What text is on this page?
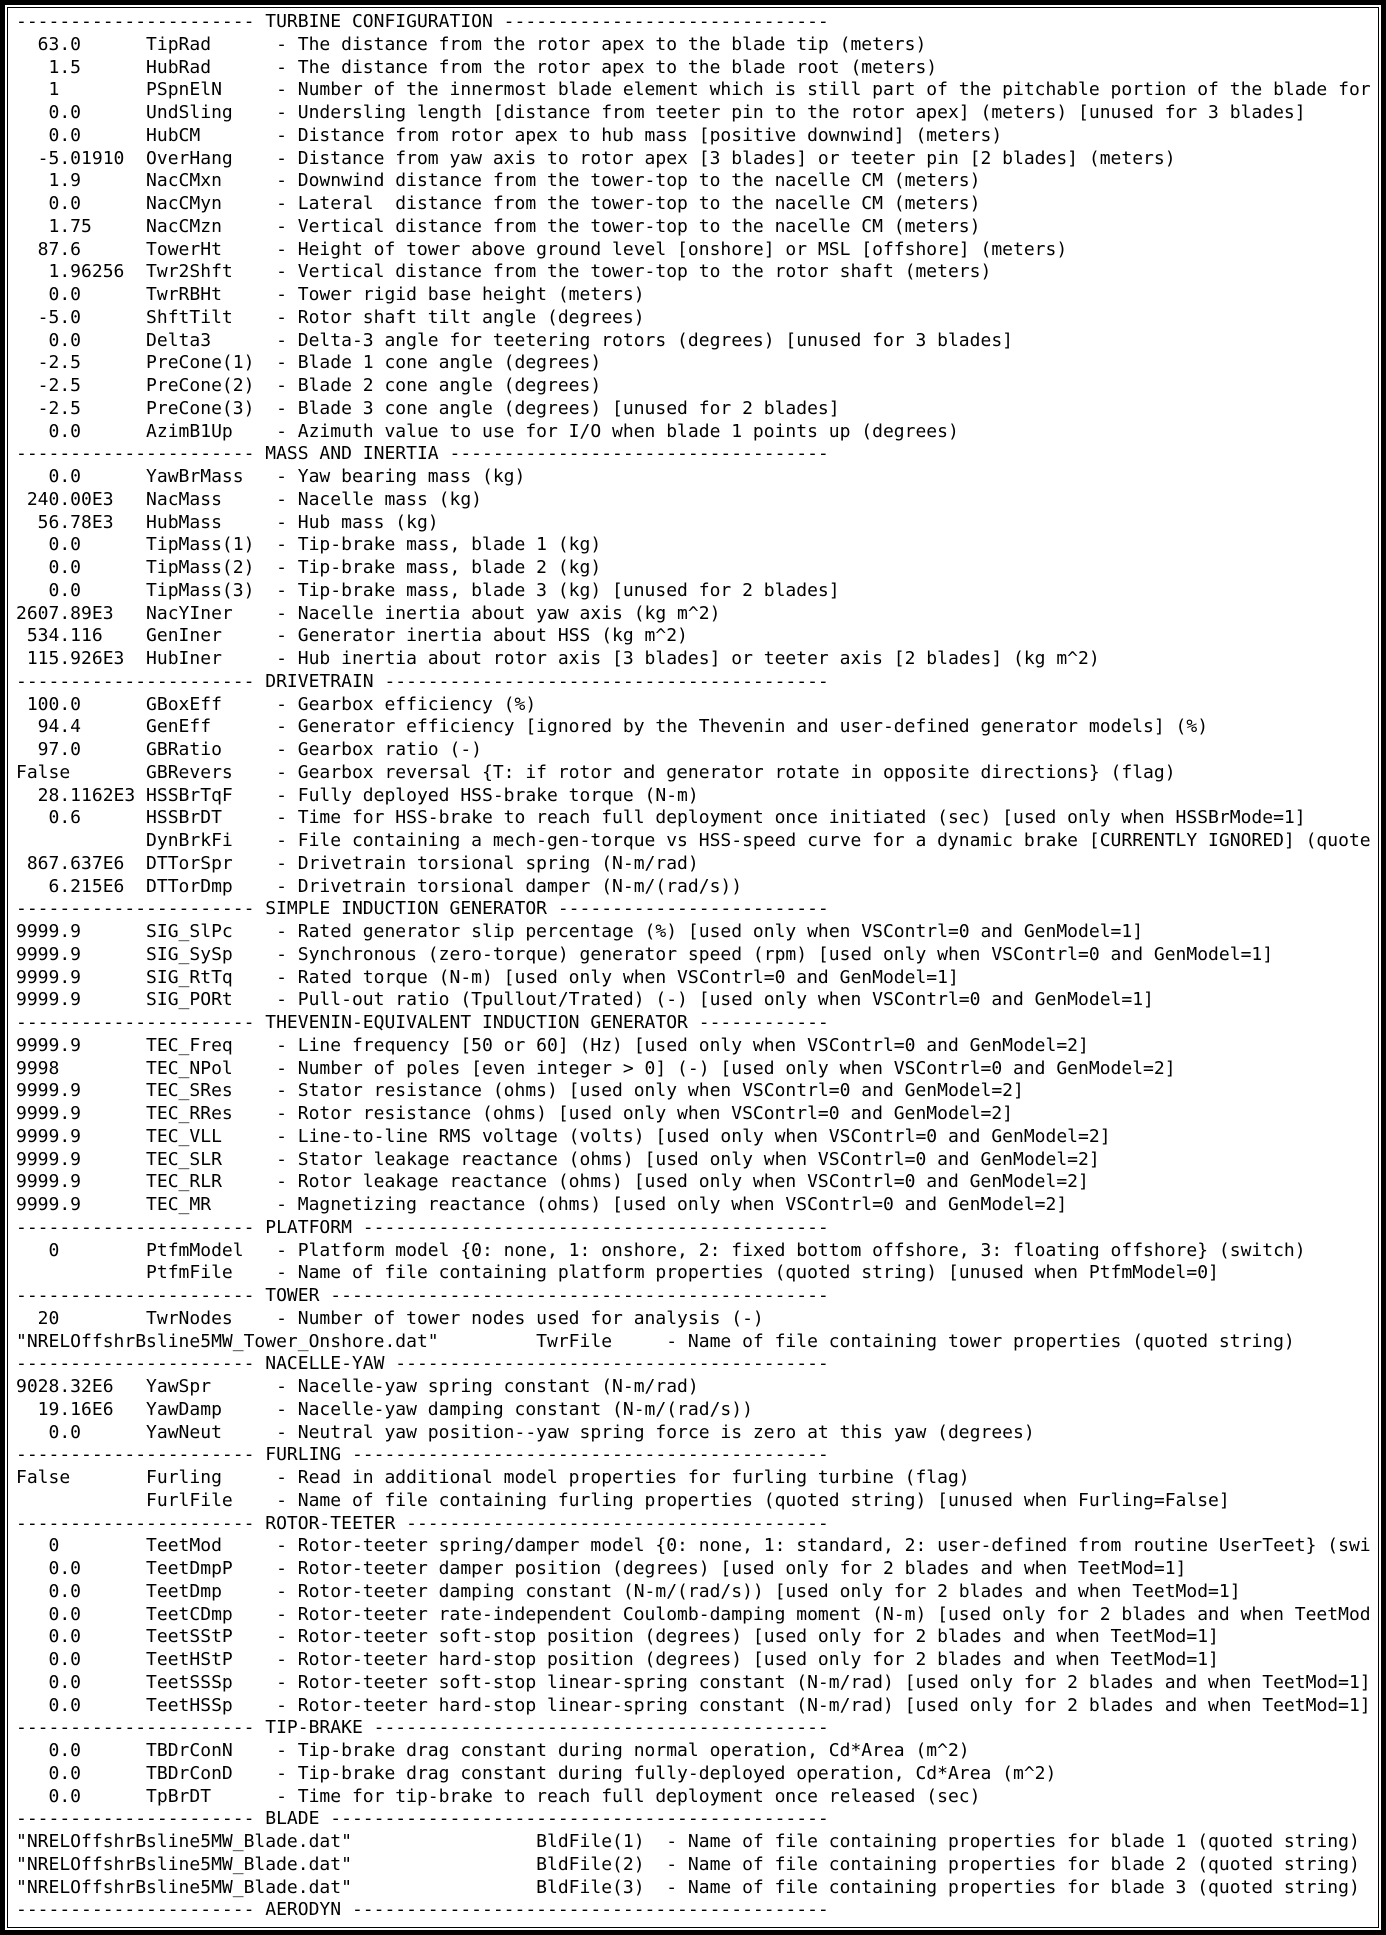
---------------------- TURBINE CONFIGURATION ------------------------------
63.0      TipRad      - The distance from the rotor apex to the blade tip (meters)
1.5      HubRad      - The distance from the rotor apex to the blade root (meters)
1        PSpnElN     - Number of the innermost blade element which is still part of the pitchable portion of the blade for
0.0      UndSling    - Undersling length [distance from teeter pin to the rotor apex] (meters) [unused for 3 blades]
0.0      HubCM       - Distance from rotor apex to hub mass [positive downwind] (meters)
-5.01910  OverHang    - Distance from yaw axis to rotor apex [3 blades] or teeter pin [2 blades] (meters)
1.9      NacCMxn     - Downwind distance from the tower-top to the nacelle CM (meters)
0.0      NacCMyn     - Lateral  distance from the tower-top to the nacelle CM (meters)
1.75     NacCMzn     - Vertical distance from the tower-top to the nacelle CM (meters)
87.6      TowerHt     - Height of tower above ground level [onshore] or MSL [offshore] (meters)
1.96256  Twr2Shft    - Vertical distance from the tower-top to the rotor shaft (meters)
0.0      TwrRBHt     - Tower rigid base height (meters)
-5.0      ShftTilt    - Rotor shaft tilt angle (degrees)
0.0      Delta3      - Delta-3 angle for teetering rotors (degrees) [unused for 3 blades]
-2.5      PreCone(1)  - Blade 1 cone angle (degrees)
-2.5      PreCone(2)  - Blade 2 cone angle (degrees)
-2.5      PreCone(3)  - Blade 3 cone angle (degrees) [unused for 2 blades]
0.0      AzimB1Up    - Azimuth value to use for I/O when blade 1 points up (degrees)
---------------------- MASS AND INERTIA -----------------------------------
0.0      YawBrMass   - Yaw bearing mass (kg)
240.00E3   NacMass     - Nacelle mass (kg)
56.78E3   HubMass     - Hub mass (kg)
0.0      TipMass(1)  - Tip-brake mass, blade 1 (kg)
0.0      TipMass(2)  - Tip-brake mass, blade 2 (kg)
0.0      TipMass(3)  - Tip-brake mass, blade 3 (kg) [unused for 2 blades]
2607.89E3   NacYIner    - Nacelle inertia about yaw axis (kg m^2)
534.116    GenIner     - Generator inertia about HSS (kg m^2)
115.926E3  HubIner     - Hub inertia about rotor axis [3 blades] or teeter axis [2 blades] (kg m^2)
---------------------- DRIVETRAIN -----------------------------------------
100.0      GBoxEff     - Gearbox efficiency (%)
94.4      GenEff      - Generator efficiency [ignored by the Thevenin and user-defined generator models] (%)
97.0      GBRatio     - Gearbox ratio (-)
False       GBRevers    - Gearbox reversal {T: if rotor and generator rotate in opposite directions} (flag)
28.1162E3 HSSBrTqF    - Fully deployed HSS-brake torque (N-m)
0.6      HSSBrDT     - Time for HSS-brake to reach full deployment once initiated (sec) [used only when HSSBrMode=1]
DynBrkFi    - File containing a mech-gen-torque vs HSS-speed curve for a dynamic brake [CURRENTLY IGNORED] (quote
867.637E6  DTTorSpr    - Drivetrain torsional spring (N-m/rad)
6.215E6  DTTorDmp    - Drivetrain torsional damper (N-m/(rad/s))
---------------------- SIMPLE INDUCTION GENERATOR -------------------------
9999.9      SIG_SlPc    - Rated generator slip percentage (%) [used only when VSContrl=0 and GenModel=1]
9999.9      SIG_SySp    - Synchronous (zero-torque) generator speed (rpm) [used only when VSContrl=0 and GenModel=1]
9999.9      SIG_RtTq    - Rated torque (N-m) [used only when VSContrl=0 and GenModel=1]
9999.9      SIG_PORt    - Pull-out ratio (Tpullout/Trated) (-) [used only when VSContrl=0 and GenModel=1]
---------------------- THEVENIN-EQUIVALENT INDUCTION GENERATOR ------------
9999.9      TEC_Freq    - Line frequency [50 or 60] (Hz) [used only when VSContrl=0 and GenModel=2]
9998        TEC_NPol    - Number of poles [even integer > 0] (-) [used only when VSContrl=0 and GenModel=2]
9999.9      TEC_SRes    - Stator resistance (ohms) [used only when VSContrl=0 and GenModel=2]
9999.9      TEC_RRes    - Rotor resistance (ohms) [used only when VSContrl=0 and GenModel=2]
9999.9      TEC_VLL     - Line-to-line RMS voltage (volts) [used only when VSContrl=0 and GenModel=2]
9999.9      TEC_SLR     - Stator leakage reactance (ohms) [used only when VSContrl=0 and GenModel=2]
9999.9      TEC_RLR     - Rotor leakage reactance (ohms) [used only when VSContrl=0 and GenModel=2]
9999.9      TEC_MR      - Magnetizing reactance (ohms) [used only when VSContrl=0 and GenModel=2]
---------------------- PLATFORM -------------------------------------------
0        PtfmModel   - Platform model {0: none, 1: onshore, 2: fixed bottom offshore, 3: floating offshore} (switch)
PtfmFile    - Name of file containing platform properties (quoted string) [unused when PtfmModel=0]
---------------------- TOWER ----------------------------------------------
20        TwrNodes    - Number of tower nodes used for analysis (-)
"NRELOffshrBsline5MW_Tower_Onshore.dat"         TwrFile     - Name of file containing tower properties (quoted string)
---------------------- NACELLE-YAW ----------------------------------------
9028.32E6   YawSpr      - Nacelle-yaw spring constant (N-m/rad)
19.16E6   YawDamp     - Nacelle-yaw damping constant (N-m/(rad/s))
0.0      YawNeut     - Neutral yaw position--yaw spring force is zero at this yaw (degrees)
---------------------- FURLING --------------------------------------------
False       Furling     - Read in additional model properties for furling turbine (flag)
FurlFile    - Name of file containing furling properties (quoted string) [unused when Furling=False]
---------------------- ROTOR-TEETER ---------------------------------------
0        TeetMod     - Rotor-teeter spring/damper model {0: none, 1: standard, 2: user-defined from routine UserTeet} (swi
0.0      TeetDmpP    - Rotor-teeter damper position (degrees) [used only for 2 blades and when TeetMod=1]
0.0      TeetDmp     - Rotor-teeter damping constant (N-m/(rad/s)) [used only for 2 blades and when TeetMod=1]
0.0      TeetCDmp    - Rotor-teeter rate-independent Coulomb-damping moment (N-m) [used only for 2 blades and when TeetMod
0.0      TeetSStP    - Rotor-teeter soft-stop position (degrees) [used only for 2 blades and when TeetMod=1]
0.0      TeetHStP    - Rotor-teeter hard-stop position (degrees) [used only for 2 blades and when TeetMod=1]
0.0      TeetSSSp    - Rotor-teeter soft-stop linear-spring constant (N-m/rad) [used only for 2 blades and when TeetMod=1]
0.0      TeetHSSp    - Rotor-teeter hard-stop linear-spring constant (N-m/rad) [used only for 2 blades and when TeetMod=1]
---------------------- TIP-BRAKE ------------------------------------------
0.0      TBDrConN    - Tip-brake drag constant during normal operation, Cd*Area (m^2)
0.0      TBDrConD    - Tip-brake drag constant during fully-deployed operation, Cd*Area (m^2)
0.0      TpBrDT      - Time for tip-brake to reach full deployment once released (sec)
---------------------- BLADE ----------------------------------------------
"NRELOffshrBsline5MW_Blade.dat"                 BldFile(1)  - Name of file containing properties for blade 1 (quoted string)
"NRELOffshrBsline5MW_Blade.dat"                 BldFile(2)  - Name of file containing properties for blade 2 (quoted string)
"NRELOffshrBsline5MW_Blade.dat"                 BldFile(3)  - Name of file containing properties for blade 3 (quoted string)
---------------------- AERODYN --------------------------------------------
